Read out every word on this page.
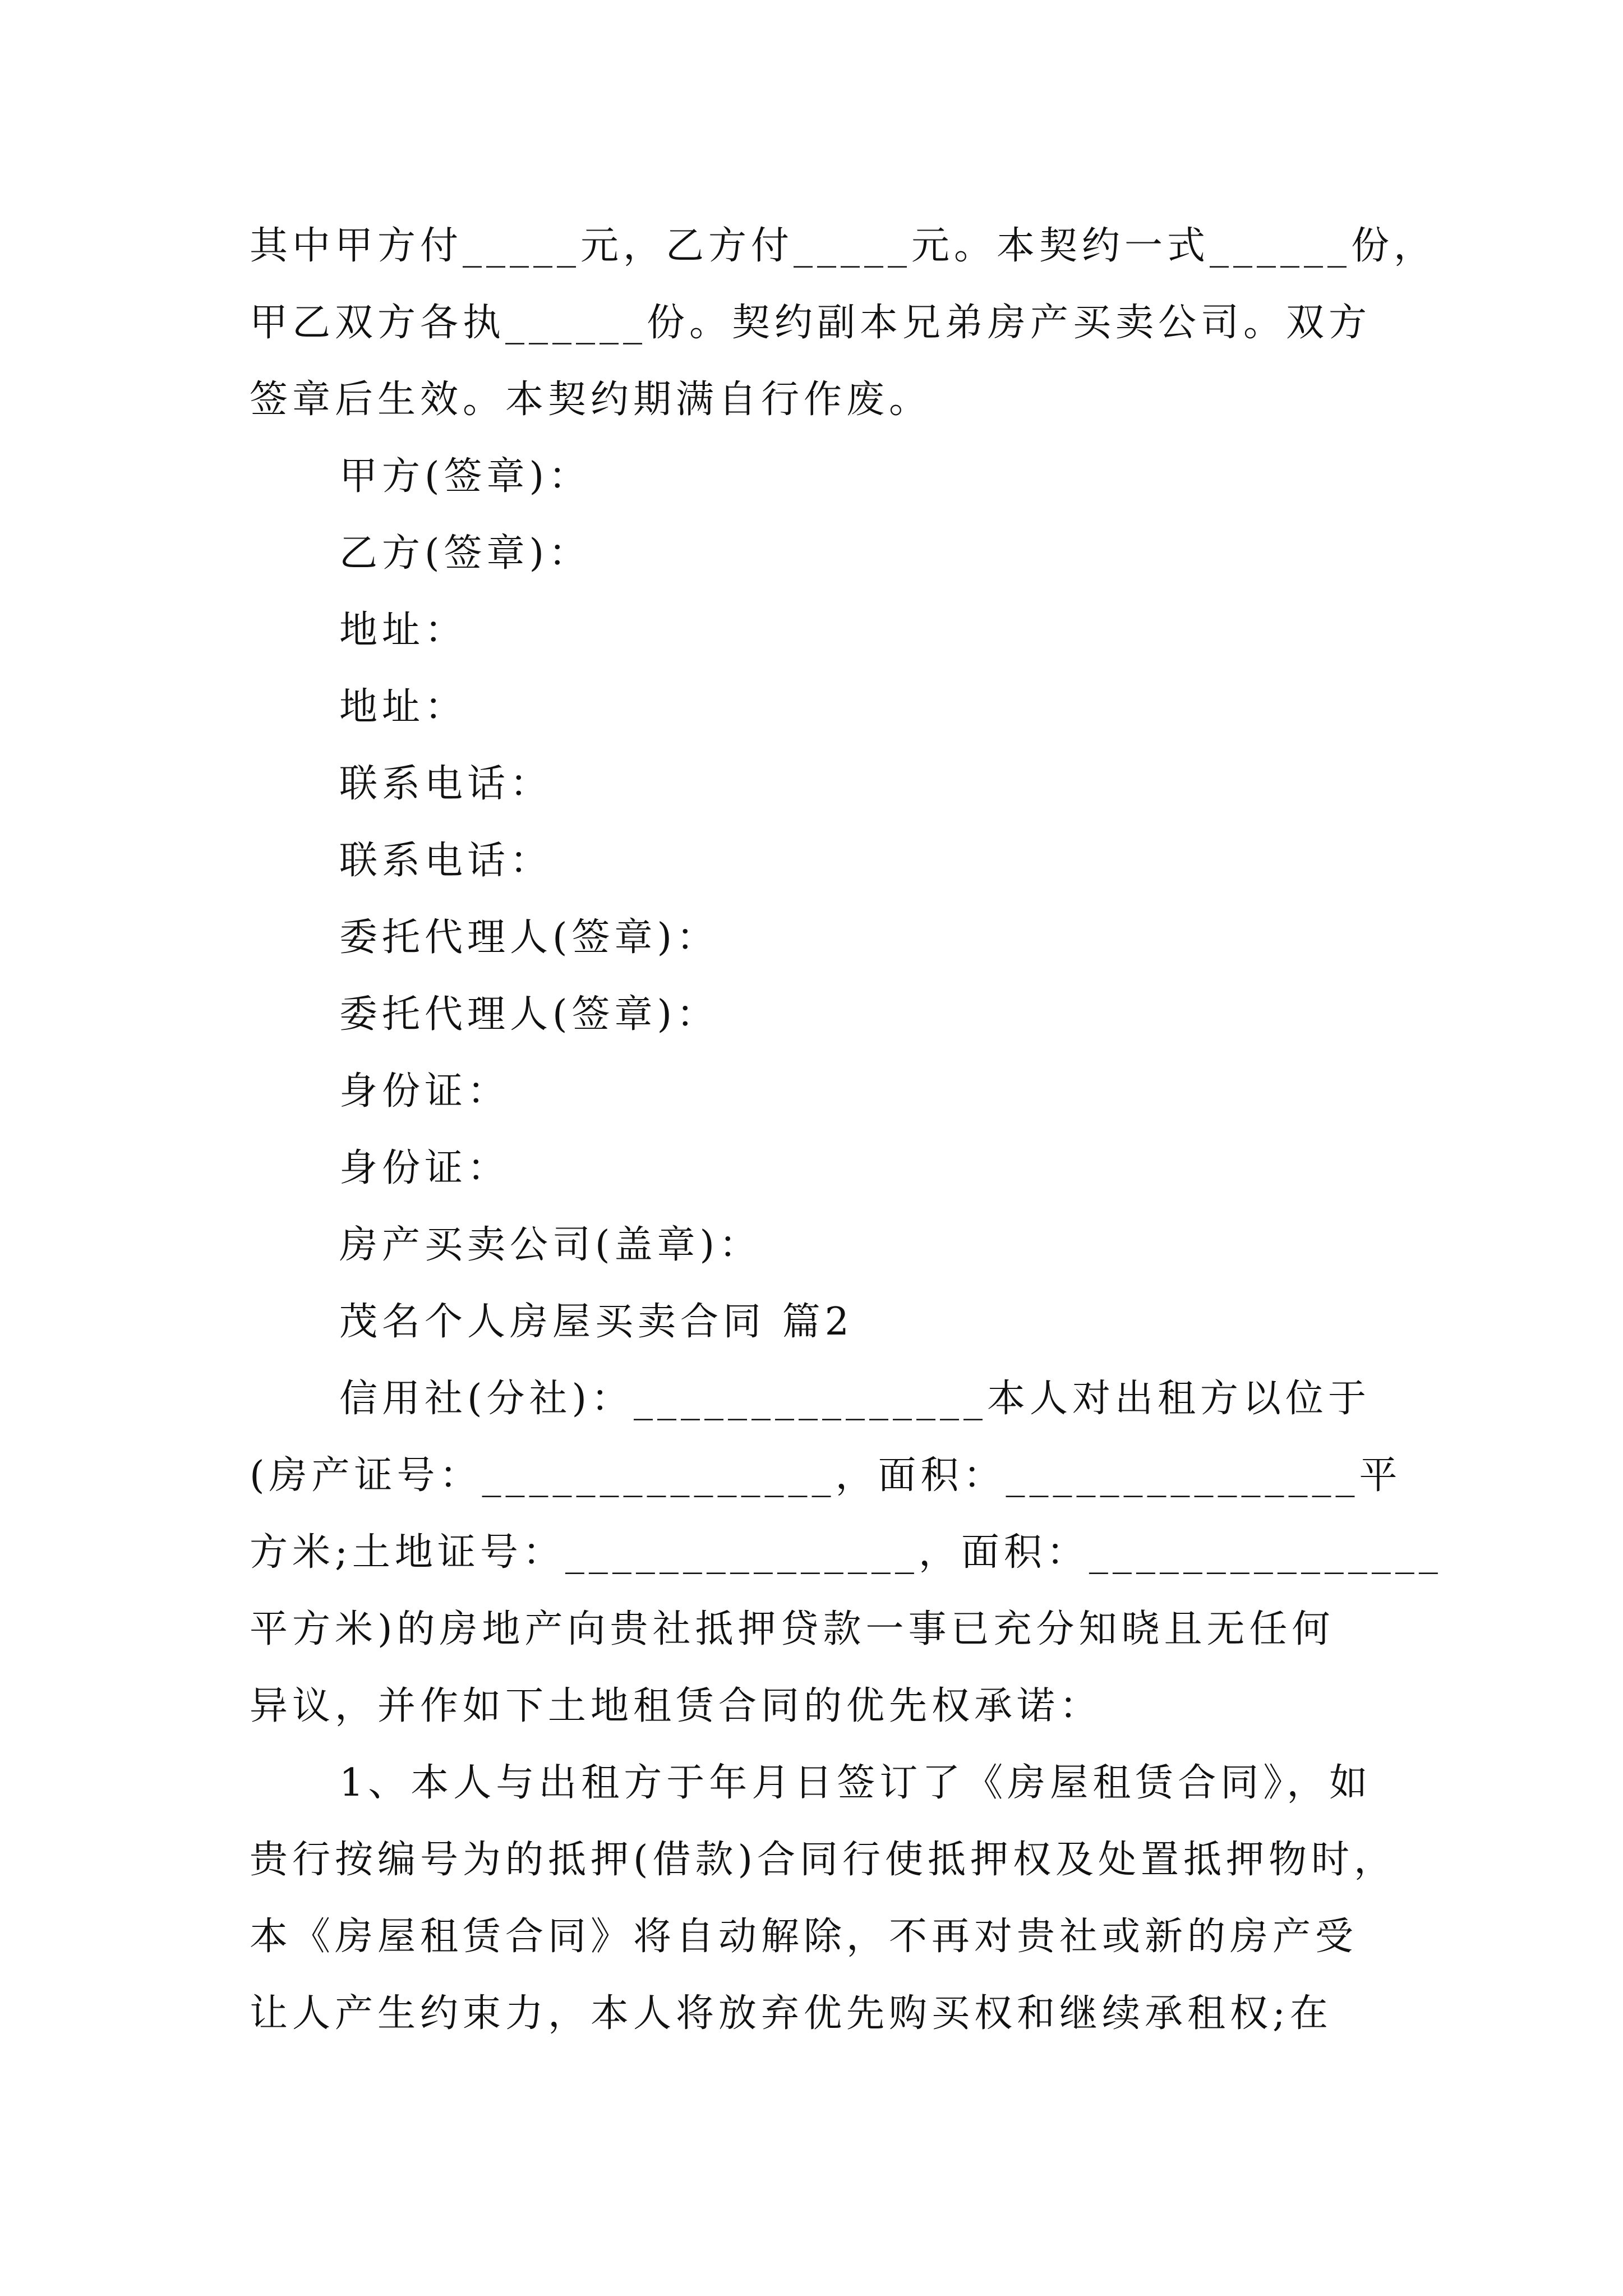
其中甲方付_____元，乙方付_____元。本契约一式______份，
甲乙双方各执______份。契约副本兄弟房产买卖公司。双方
签章后生效。本契约期满自行作废。
甲方(签章)：
乙方(签章)：
地址：
地址：
联系电话：
联系电话：
委托代理人(签章)：
委托代理人(签章)：
身份证：
身份证：
房产买卖公司(盖章)：
茂名个人房屋买卖合同 篇2
信用社(分社)：_______________本人对出租方以位于
(房产证号：_______________，面积：_______________平
方米;土地证号：_______________，面积：_______________
平方米)的房地产向贵社抵押贷款一事已充分知晓且无任何
异议，并作如下土地租赁合同的优先权承诺：
1、本人与出租方于年月日签订了《房屋租赁合同》，如
贵行按编号为的抵押(借款)合同行使抵押权及处置抵押物时，
本《房屋租赁合同》将自动解除，不再对贵社或新的房产受
让人产生约束力，本人将放弃优先购买权和继续承租权;在
